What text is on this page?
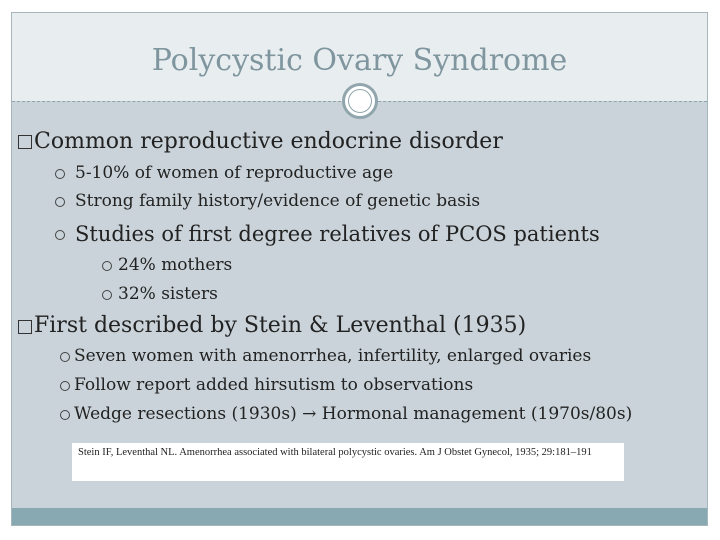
Polycystic Ovary Syndrome
Common reproductive endocrine disorder
5-10% of women of reproductive age
Strong family history/evidence of genetic basis
Studies of first degree relatives of PCOS patients
24% mothers
32% sisters
First described by Stein & Leventhal (1935)
Seven women with amenorrhea, infertility, enlarged ovaries
Follow report added hirsutism to observations
Wedge resections (1930s) → Hormonal management (1970s/80s)
Stein IF, Leventhal NL. Amenorrhea associated with bilateral polycystic ovaries. Am J Obstet Gynecol, 1935; 29:181–191
